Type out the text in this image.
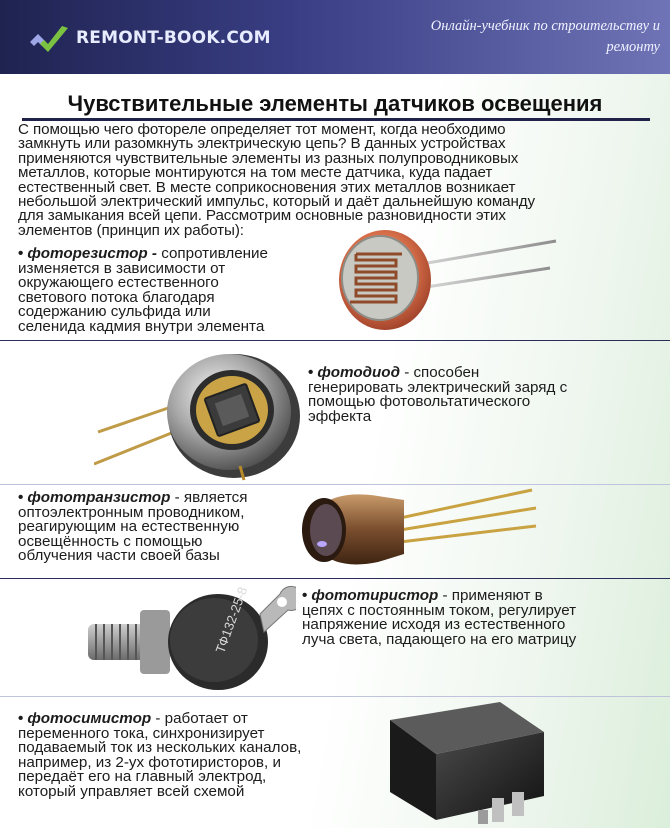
REMONT-BOOK.COM
Онлайн-учебник по строительству и
ремонту
Чувствительные элементы датчиков освещения
С помощью чего фотореле определяет тот момент, когда необходимо
замкнуть или разомкнуть электрическую цепь? В данных устройствах
применяются чувствительные элементы из разных полупроводниковых
металлов, которые монтируются на том месте датчика, куда падает
естественный свет. В месте соприкосновения этих металлов возникает
небольшой электрический импульс, который и даёт дальнейшую команду
для замыкания всей цепи. Рассмотрим основные разновидности этих
элементов (принцип их работы):
• фоторезистор - сопротивление
изменяется в зависимости от
окружающего естественного
светового потока благодаря
содержанию сульфида или
селенида кадмия внутри элемента
• фотодиод - способен
генерировать электрический заряд с
помощью фотовольтатического
эффекта
• фототранзистор - является
оптоэлектронным проводником,
реагирующим на естественную
освещённость с помощью
облучения части своей базы
ТФ132-25-8	• фототиристор - применяют в
цепях с постоянным током, регулирует
напряжение исходя из естественного
луча света, падающего на его матрицу
• фотосимистор - работает от
переменного тока, синхронизирует
подаваемый ток из нескольких каналов,
например, из 2-ух фототиристоров, и
передаёт его на главный электрод,
который управляет всей схемой
